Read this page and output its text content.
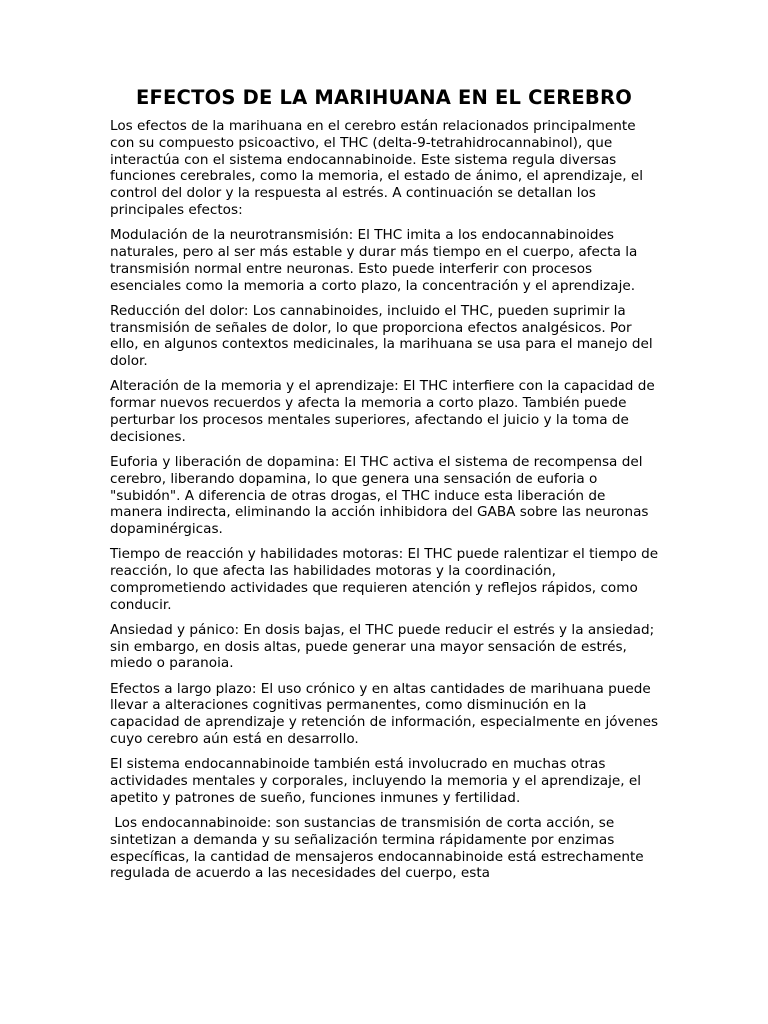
EFECTOS DE LA MARIHUANA EN EL CEREBRO

Los efectos de la marihuana en el cerebro están relacionados principalmente con su compuesto psicoactivo, el THC (delta-9-tetrahidrocannabinol), que interactúa con el sistema endocannabinoide. Este sistema regula diversas funciones cerebrales, como la memoria, el estado de ánimo, el aprendizaje, el control del dolor y la respuesta al estrés. A continuación se detallan los principales efectos:

Modulación de la neurotransmisión: El THC imita a los endocannabinoides naturales, pero al ser más estable y durar más tiempo en el cuerpo, afecta la transmisión normal entre neuronas. Esto puede interferir con procesos esenciales como la memoria a corto plazo, la concentración y el aprendizaje.

Reducción del dolor: Los cannabinoides, incluido el THC, pueden suprimir la transmisión de señales de dolor, lo que proporciona efectos analgésicos. Por ello, en algunos contextos medicinales, la marihuana se usa para el manejo del dolor.

Alteración de la memoria y el aprendizaje: El THC interfiere con la capacidad de formar nuevos recuerdos y afecta la memoria a corto plazo. También puede perturbar los procesos mentales superiores, afectando el juicio y la toma de decisiones.

Euforia y liberación de dopamina: El THC activa el sistema de recompensa del cerebro, liberando dopamina, lo que genera una sensación de euforia o "subidón". A diferencia de otras drogas, el THC induce esta liberación de manera indirecta, eliminando la acción inhibidora del GABA sobre las neuronas dopaminérgicas.

Tiempo de reacción y habilidades motoras: El THC puede ralentizar el tiempo de reacción, lo que afecta las habilidades motoras y la coordinación, comprometiendo actividades que requieren atención y reflejos rápidos, como conducir.

Ansiedad y pánico: En dosis bajas, el THC puede reducir el estrés y la ansiedad; sin embargo, en dosis altas, puede generar una mayor sensación de estrés, miedo o paranoia.

Efectos a largo plazo: El uso crónico y en altas cantidades de marihuana puede llevar a alteraciones cognitivas permanentes, como disminución en la capacidad de aprendizaje y retención de información, especialmente en jóvenes cuyo cerebro aún está en desarrollo.

El sistema endocannabinoide también está involucrado en muchas otras actividades mentales y corporales, incluyendo la memoria y el aprendizaje, el apetito y patrones de sueño, funciones inmunes y fertilidad.

Los endocannabinoide: son sustancias de transmisión de corta acción, se sintetizan a demanda y su señalización termina rápidamente por enzimas específicas, la cantidad de mensajeros endocannabinoide está estrechamente regulada de acuerdo a las necesidades del cuerpo, esta
